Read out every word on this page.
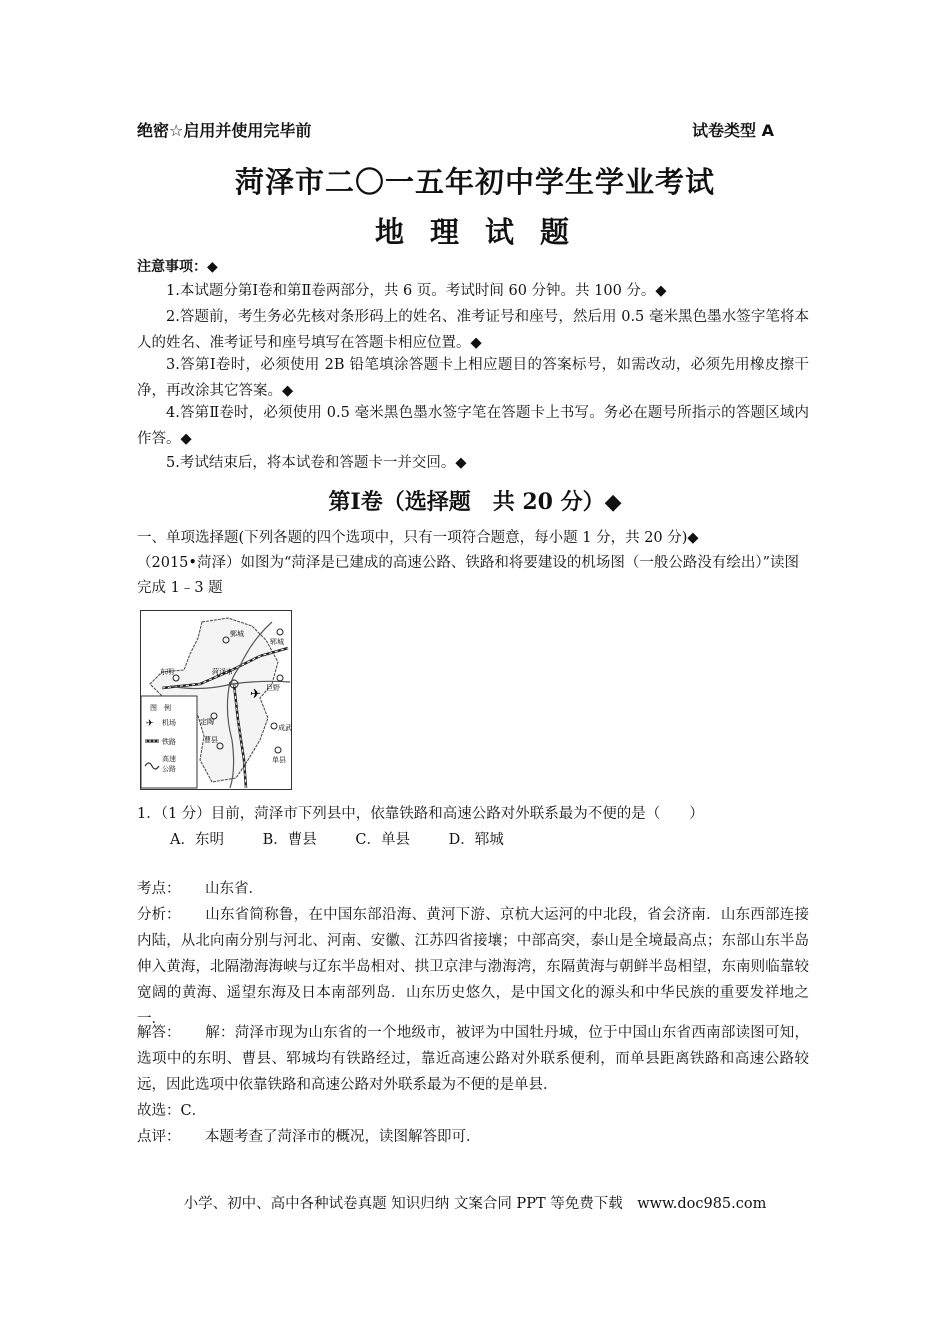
绝密☆启用并使用完毕前	试卷类型 A
菏泽市二〇一五年初中学生学业考试
地理试题
注意事项：◆
1.本试题分第Ⅰ卷和第Ⅱ卷两部分，共 6 页。考试时间 60 分钟。共 100 分。◆
2.答题前，考生务必先核对条形码上的姓名、准考证号和座号，然后用 0.5 毫米黑色墨水签字笔将本人的姓名、准考证号和座号填写在答题卡相应位置。◆
3.答第Ⅰ卷时，必须使用 2B 铅笔填涂答题卡上相应题目的答案标号，如需改动，必须先用橡皮擦干净，再改涂其它答案。◆
4.答第Ⅱ卷时，必须使用 0.5 毫米黑色墨水签字笔在答题卡上书写。务必在题号所指示的答题区域内作答。◆
5.考试结束后，将本试卷和答题卡一并交回。◆
第Ⅰ卷（选择题　共 20 分）◆
一、单项选择题(下列各题的四个选项中，只有一项符合题意，每小题 1 分，共 20 分)◆
（2015•菏泽）如图为“菏泽是已建成的高速公路、铁路和将要建设的机场图（一般公路没有绘出）”读图完成 1﹣3 题
鄄城
郓城
东明	菏泽市
巨野
定陶
成武
曹县
单县
✈
图　例
✈ 机场
铁路
高速公路
1．（1 分）目前，菏泽市下列县中，依靠铁路和高速公路对外联系最为不便的是（　　）
A．东明	B．曹县	C．单县	D．郓城
考点： 山东省．
分析： 山东省简称鲁，在中国东部沿海、黄河下游、京杭大运河的中北段，省会济南．山东西部连接内陆，从北向南分别与河北、河南、安徽、江苏四省接壤；中部高突，泰山是全境最高点；东部山东半岛伸入黄海，北隔渤海海峡与辽东半岛相对、拱卫京津与渤海湾，东隔黄海与朝鲜半岛相望，东南则临靠较宽阔的黄海、遥望东海及日本南部列岛．山东历史悠久，是中国文化的源头和中华民族的重要发祥地之一．
解答： 解：菏泽市现为山东省的一个地级市，被评为中国牡丹城，位于中国山东省西南部读图可知，选项中的东明、曹县、郓城均有铁路经过，靠近高速公路对外联系便利，而单县距离铁路和高速公路较远，因此选项中依靠铁路和高速公路对外联系最为不便的是单县．
故选：C．
点评： 本题考查了菏泽市的概况，读图解答即可．
小学、初中、高中各种试卷真题 知识归纳 文案合同 PPT 等免费下载　www.doc985.com
